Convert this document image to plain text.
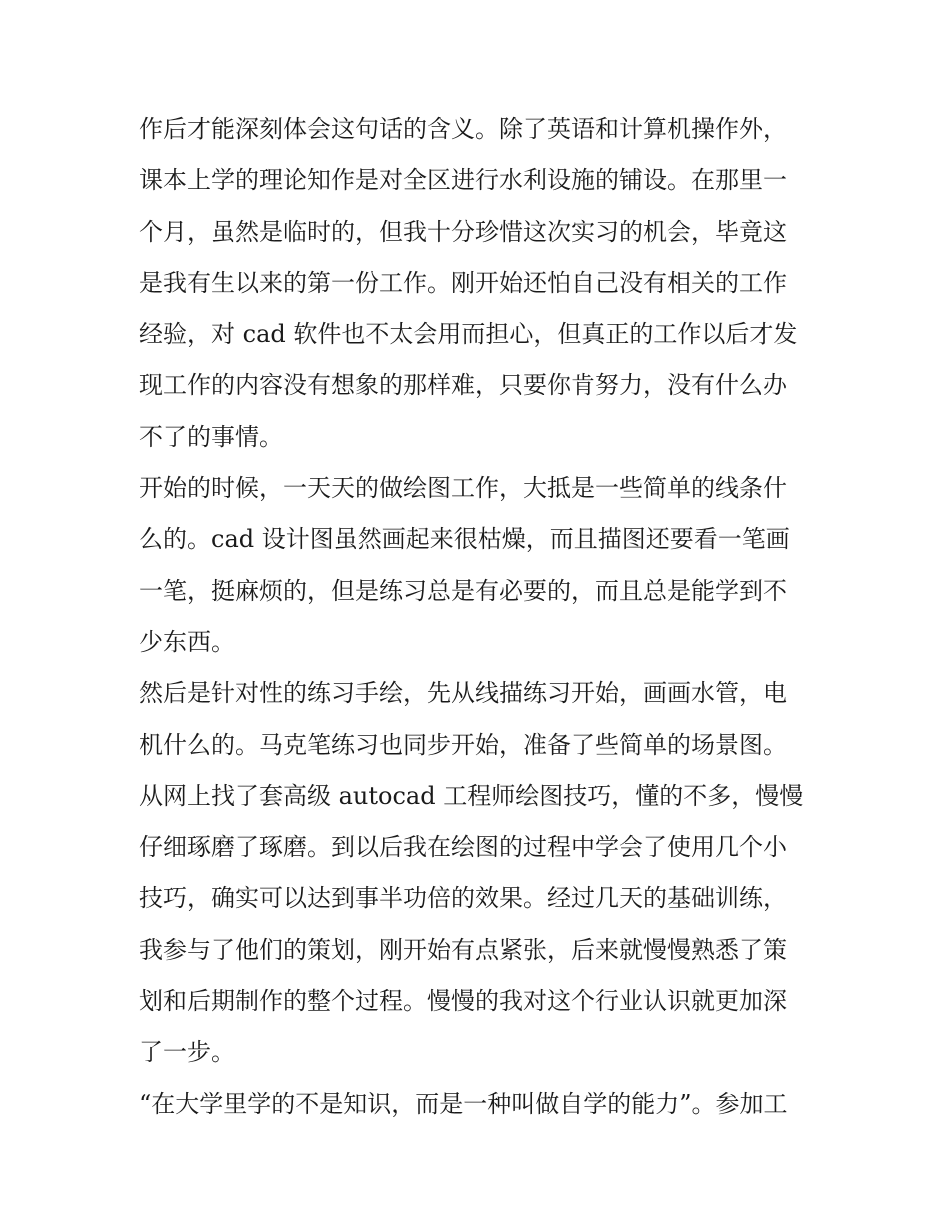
作后才能深刻体会这句话的含义。除了英语和计算机操作外，
课本上学的理论知作是对全区进行水利设施的铺设。在那里一
个月，虽然是临时的，但我十分珍惜这次实习的机会，毕竟这
是我有生以来的第一份工作。刚开始还怕自己没有相关的工作
经验，对 cad 软件也不太会用而担心，但真正的工作以后才发
现工作的内容没有想象的那样难，只要你肯努力，没有什么办
不了的事情。
开始的时候，一天天的做绘图工作，大抵是一些简单的线条什
么的。cad 设计图虽然画起来很枯燥，而且描图还要看一笔画
一笔，挺麻烦的，但是练习总是有必要的，而且总是能学到不
少东西。
然后是针对性的练习手绘，先从线描练习开始，画画水管，电
机什么的。马克笔练习也同步开始，准备了些简单的场景图。
从网上找了套高级 autocad 工程师绘图技巧，懂的不多，慢慢
仔细琢磨了琢磨。到以后我在绘图的过程中学会了使用几个小
技巧，确实可以达到事半功倍的效果。经过几天的基础训练，
我参与了他们的策划，刚开始有点紧张，后来就慢慢熟悉了策
划和后期制作的整个过程。慢慢的我对这个行业认识就更加深
了一步。
“在大学里学的不是知识，而是一种叫做自学的能力”。参加工
